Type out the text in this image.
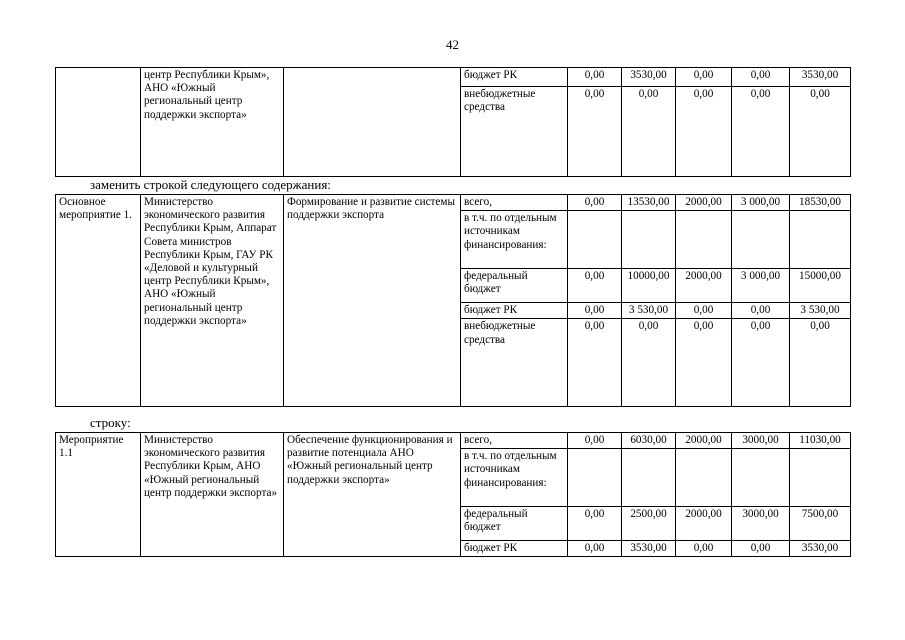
42
	центр Республики Крым», АНО «Южный региональный центр поддержки экспорта»		бюджет РК	0,00	3530,00	0,00	0,00	3530,00
			внебюджетные средства	0,00	0,00	0,00	0,00	0,00
заменить строкой следующего содержания:
Основное мероприятие 1.	Министерство экономического развития Республики Крым, Аппарат Совета министров Республики Крым, ГАУ РК «Деловой и культурный центр Республики Крым», АНО «Южный региональный центр поддержки экспорта»	Формирование и развитие системы поддержки экспорта	всего,	0,00	13530,00	2000,00	3 000,00	18530,00
			в т.ч. по отдельным источникам финансирования:					
			федеральный бюджет	0,00	10000,00	2000,00	3 000,00	15000,00
			бюджет РК	0,00	3 530,00	0,00	0,00	3 530,00
			внебюджетные средства	0,00	0,00	0,00	0,00	0,00
строку:
Мероприятие 1.1	Министерство экономического развития Республики Крым, АНО «Южный региональный центр поддержки экспорта»	Обеспечение функционирования и развитие потенциала АНО «Южный региональный центр поддержки экспорта»	всего,	0,00	6030,00	2000,00	3000,00	11030,00
			в т.ч. по отдельным источникам финансирования:					
			федеральный бюджет	0,00	2500,00	2000,00	3000,00	7500,00
			бюджет РК	0,00	3530,00	0,00	0,00	3530,00
